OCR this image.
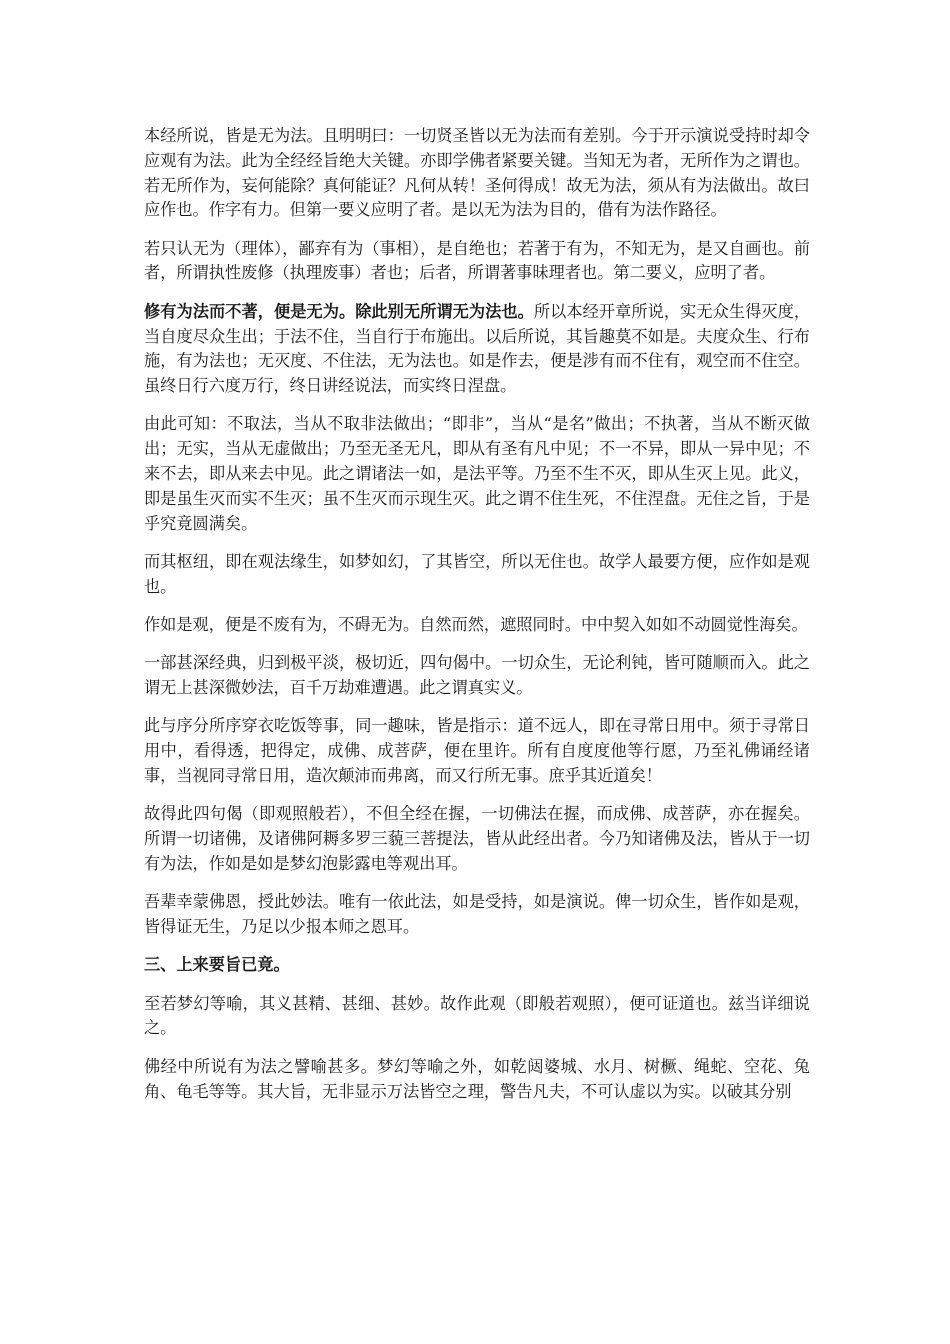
本经所说，皆是无为法。且明明曰：一切贤圣皆以无为法而有差别。今于开示演说受持时却令应观有为法。此为全经经旨绝大关键。亦即学佛者紧要关键。当知无为者，无所作为之谓也。若无所作为，妄何能除？真何能证？凡何从转！圣何得成！故无为法，须从有为法做出。故曰应作也。作字有力。但第一要义应明了者。是以无为法为目的，借有为法作路径。

若只认无为（理体），鄙弃有为（事相），是自绝也；若著于有为，不知无为，是又自画也。前者，所谓执性废修（执理废事）者也；后者，所谓著事昧理者也。第二要义，应明了者。

修有为法而不著，便是无为。除此别无所谓无为法也。所以本经开章所说，实无众生得灭度，当自度尽众生出；于法不住，当自行于布施出。以后所说，其旨趣莫不如是。夫度众生、行布施，有为法也；无灭度、不住法，无为法也。如是作去，便是涉有而不住有，观空而不住空。虽终日行六度万行，终日讲经说法，而实终日涅盘。

由此可知：不取法，当从不取非法做出；“即非”，当从“是名”做出；不执著，当从不断灭做出；无实，当从无虚做出；乃至无圣无凡，即从有圣有凡中见；不一不异，即从一异中见；不来不去，即从来去中见。此之谓诸法一如，是法平等。乃至不生不灭，即从生灭上见。此义，即是虽生灭而实不生灭；虽不生灭而示现生灭。此之谓不住生死，不住涅盘。无住之旨，于是乎究竟圆满矣。

而其枢纽，即在观法缘生，如梦如幻，了其皆空，所以无住也。故学人最要方便，应作如是观也。

作如是观，便是不废有为，不碍无为。自然而然，遮照同时。中中契入如如不动圆觉性海矣。

一部甚深经典，归到极平淡，极切近，四句偈中。一切众生，无论利钝，皆可随顺而入。此之谓无上甚深微妙法，百千万劫难遭遇。此之谓真实义。

此与序分所序穿衣吃饭等事，同一趣味，皆是指示：道不远人，即在寻常日用中。须于寻常日用中，看得透，把得定，成佛、成菩萨，便在里许。所有自度度他等行愿，乃至礼佛诵经诸事，当视同寻常日用，造次颠沛而弗离，而又行所无事。庶乎其近道矣！

故得此四句偈（即观照般若），不但全经在握，一切佛法在握，而成佛、成菩萨，亦在握矣。所谓一切诸佛，及诸佛阿耨多罗三藐三菩提法，皆从此经出者。今乃知诸佛及法，皆从于一切有为法，作如是如是梦幻泡影露电等观出耳。

吾辈幸蒙佛恩，授此妙法。唯有一依此法，如是受持，如是演说。俾一切众生，皆作如是观，皆得证无生，乃足以少报本师之恩耳。

三、上来要旨已竟。

至若梦幻等喻，其义甚精、甚细、甚妙。故作此观（即般若观照），便可证道也。兹当详细说之。

佛经中所说有为法之譬喻甚多。梦幻等喻之外，如乾闼婆城、水月、树橛、绳蛇、空花、兔角、龟毛等等。其大旨，无非显示万法皆空之理，警告凡夫，不可认虚以为实。以破其分别
